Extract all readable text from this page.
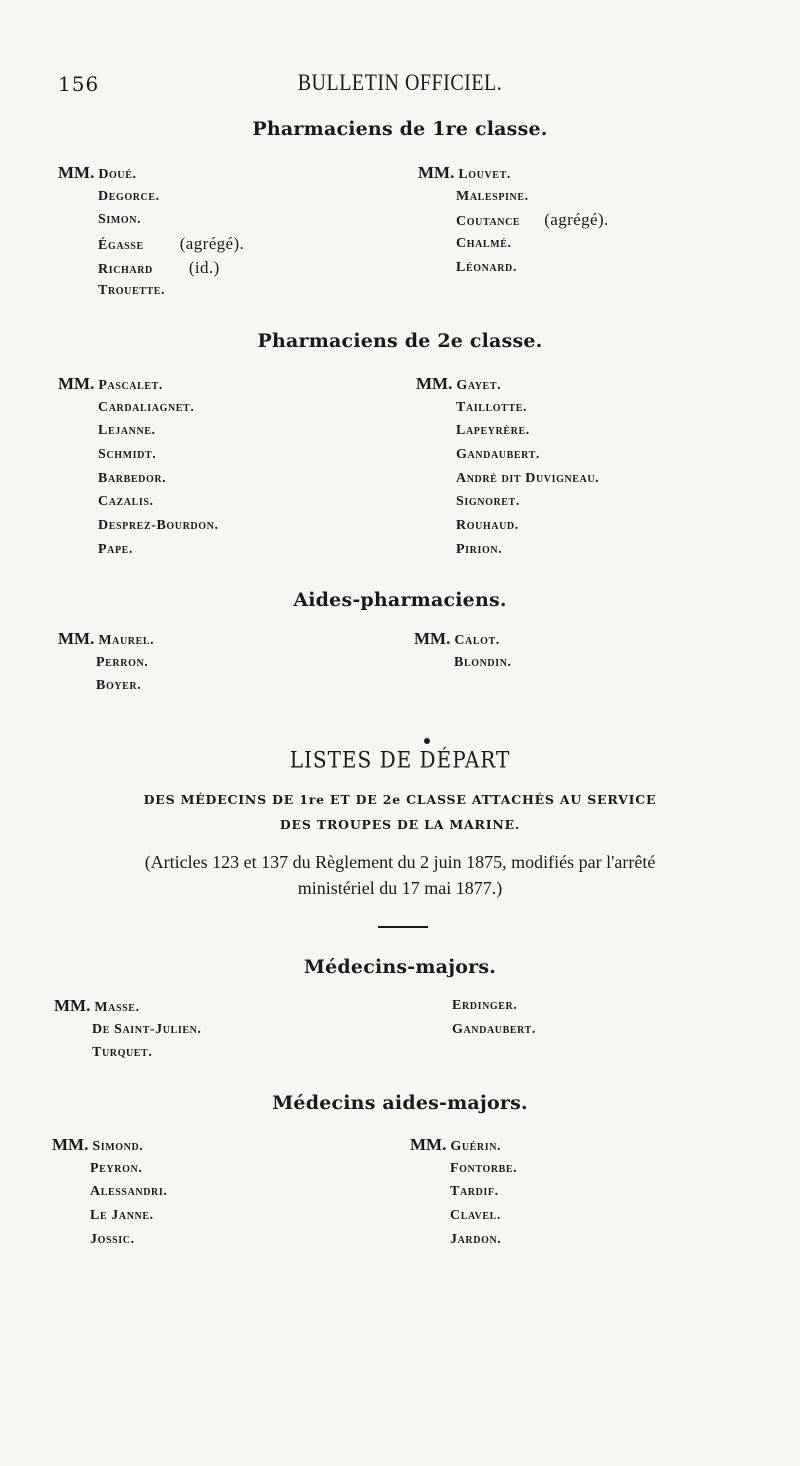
156	BULLETIN OFFICIEL.
Pharmaciens de 1re classe.
MM. Doué.
Degorce.
Simon.
Égasse (agrégé).
Richard (id.)
Trouette.
MM. Louvet.
Malespine.
Coutance (agrégé).
Chalmé.
Léonard.
Pharmaciens de 2e classe.
MM. Pascalet.
Cardaliagnet.
Lejanne.
Schmidt.
Barbedor.
Cazalis.
Desprez-Bourdon.
Pape.
MM. Gayet.
Taillotte.
Lapeyrère.
Gandaubert.
André dit Duvigneau.
Signoret.
Rouhaud.
Pirion.
Aides-pharmaciens.
MM. Maurel.
Perron.
Boyer.
MM. Calot.
Blondin.
LISTES DE DÉPART
DES MÉDECINS DE 1re ET DE 2e CLASSE ATTACHÉS AU SERVICE
DES TROUPES DE LA MARINE.
(Articles 123 et 137 du Règlement du 2 juin 1875, modifiés par l'arrêté
ministériel du 17 mai 1877.)
Médecins-majors.
MM. Masse.
De Saint-Julien.
Turquet.
Erdinger.
Gandaubert.
Médecins aides-majors.
MM. Simond.
Peyron.
Alessandri.
Le Janne.
Jossic.
MM. Guérin.
Fontorbe.
Tardif.
Clavel.
Jardon.
